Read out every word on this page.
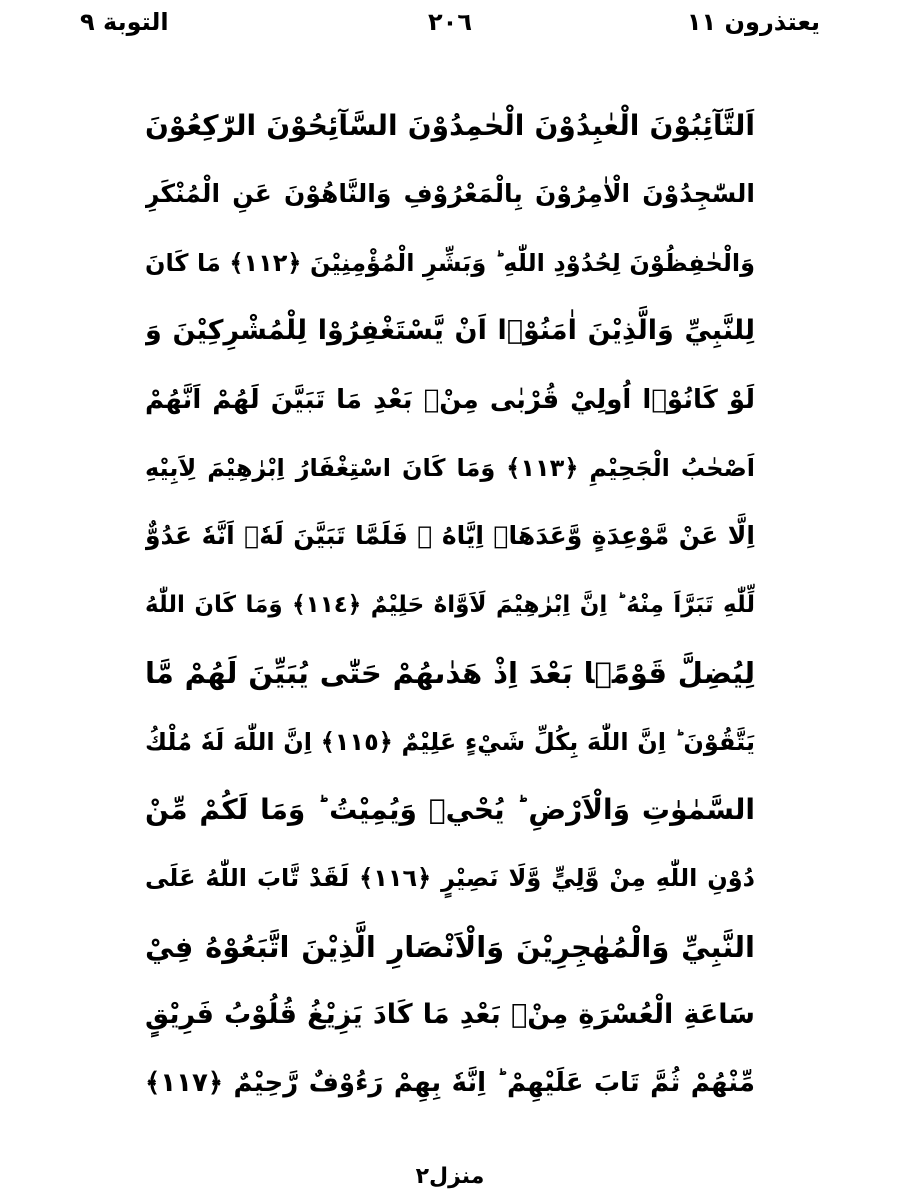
يعتذرون ١١
٢٠٦
التوبة ٩
اَلتَّآئِبُوْنَ الْعٰبِدُوْنَ الْحٰمِدُوْنَ السَّآئِحُوْنَ الرّٰكِعُوْنَ
السّٰجِدُوْنَ الْاٰمِرُوْنَ بِالْمَعْرُوْفِ وَالنَّاهُوْنَ عَنِ الْمُنْكَرِ
وَالْحٰفِظُوْنَ لِحُدُوْدِ اللّٰهِ ؕ وَبَشِّرِ الْمُؤْمِنِيْنَ ﴿١١٢﴾ مَا كَانَ
لِلنَّبِيِّ وَالَّذِيْنَ اٰمَنُوْۤا اَنْ يَّسْتَغْفِرُوْا لِلْمُشْرِكِيْنَ وَ
لَوْ كَانُوْۤا اُولِيْ قُرْبٰى مِنْۢ بَعْدِ مَا تَبَيَّنَ لَهُمْ اَنَّهُمْ
اَصْحٰبُ الْجَحِيْمِ ﴿١١٣﴾ وَمَا كَانَ اسْتِغْفَارُ اِبْرٰهِيْمَ لِاَبِيْهِ
اِلَّا عَنْ مَّوْعِدَةٍ وَّعَدَهَاۤ اِيَّاهُ ۚ فَلَمَّا تَبَيَّنَ لَهٗۤ اَنَّهٗ عَدُوٌّ
لِّلّٰهِ تَبَرَّاَ مِنْهُ ؕ اِنَّ اِبْرٰهِيْمَ لَاَوَّاهٌ حَلِيْمٌ ﴿١١٤﴾ وَمَا كَانَ اللّٰهُ
لِيُضِلَّ قَوْمًۢا بَعْدَ اِذْ هَدٰىهُمْ حَتّٰى يُبَيِّنَ لَهُمْ مَّا
يَتَّقُوْنَ ؕ اِنَّ اللّٰهَ بِكُلِّ شَيْءٍ عَلِيْمٌ ﴿١١٥﴾ اِنَّ اللّٰهَ لَهٗ مُلْكُ
السَّمٰوٰتِ وَالْاَرْضِ ؕ يُحْيٖ وَيُمِيْتُ ؕ وَمَا لَكُمْ مِّنْ
دُوْنِ اللّٰهِ مِنْ وَّلِيٍّ وَّلَا نَصِيْرٍ ﴿١١٦﴾ لَقَدْ تَّابَ اللّٰهُ عَلَى
النَّبِيِّ وَالْمُهٰجِرِيْنَ وَالْاَنْصَارِ الَّذِيْنَ اتَّبَعُوْهُ فِيْ
سَاعَةِ الْعُسْرَةِ مِنْۢ بَعْدِ مَا كَادَ يَزِيْغُ قُلُوْبُ فَرِيْقٍ
مِّنْهُمْ ثُمَّ تَابَ عَلَيْهِمْ ؕ اِنَّهٗ بِهِمْ رَءُوْفٌ رَّحِيْمٌ ﴿١١٧﴾
منزل٢
